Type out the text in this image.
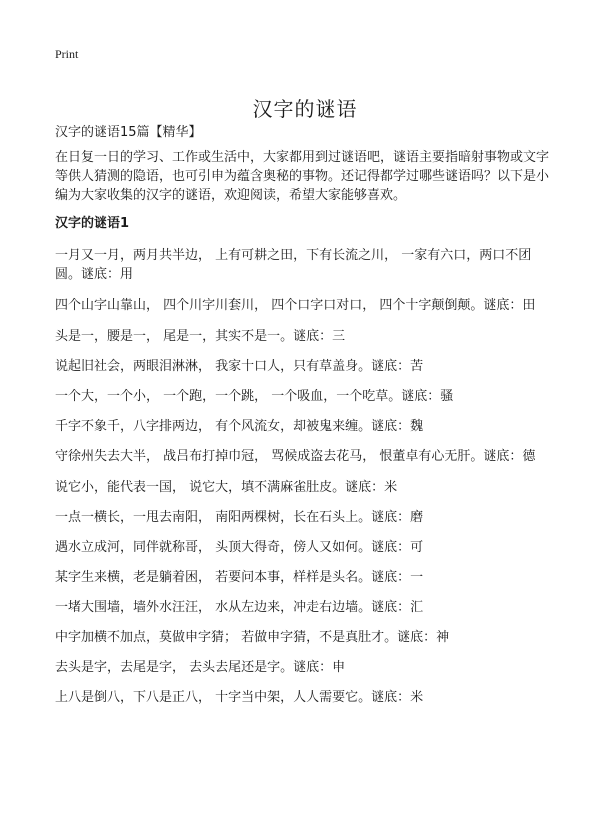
Print
汉字的谜语
汉字的谜语15篇【精华】

在日复一日的学习、工作或生活中，大家都用到过谜语吧，谜语主要指暗射事物或文字等供人猜测的隐语，也可引申为蕴含奥秘的事物。还记得都学过哪些谜语吗？以下是小编为大家收集的汉字的谜语，欢迎阅读，希望大家能够喜欢。

汉字的谜语1
一月又一月，两月共半边， 上有可耕之田，下有长流之川， 一家有六口，两口不团圆。谜底：用
四个山字山靠山， 四个川字川套川， 四个口字口对口， 四个十字颠倒颠。谜底：田
头是一，腰是一， 尾是一，其实不是一。谜底：三
说起旧社会，两眼泪淋淋， 我家十口人，只有草盖身。谜底：苦
一个大，一个小， 一个跑，一个跳， 一个吸血，一个吃草。谜底：骚
千字不象千，八字排两边， 有个风流女，却被鬼来缠。谜底：魏
守徐州失去大半， 战吕布打掉巾冠， 骂候成盗去花马， 恨董卓有心无肝。谜底：德
说它小，能代表一国， 说它大，填不满麻雀肚皮。谜底：米
一点一横长，一甩去南阳， 南阳两棵树，长在石头上。谜底：磨
遇水立成河，同伴就称哥， 头顶大得奇，傍人又如何。谜底：可
某字生来横，老是躺着困， 若要问本事，样样是头名。谜底：一
一堵大围墙，墙外水汪汪， 水从左边来，冲走右边墙。谜底：汇
中字加横不加点，莫做申字猜； 若做申字猜，不是真肚才。谜底：神
去头是字，去尾是字， 去头去尾还是字。谜底：申
上八是倒八，下八是正八， 十字当中架，人人需要它。谜底：米
